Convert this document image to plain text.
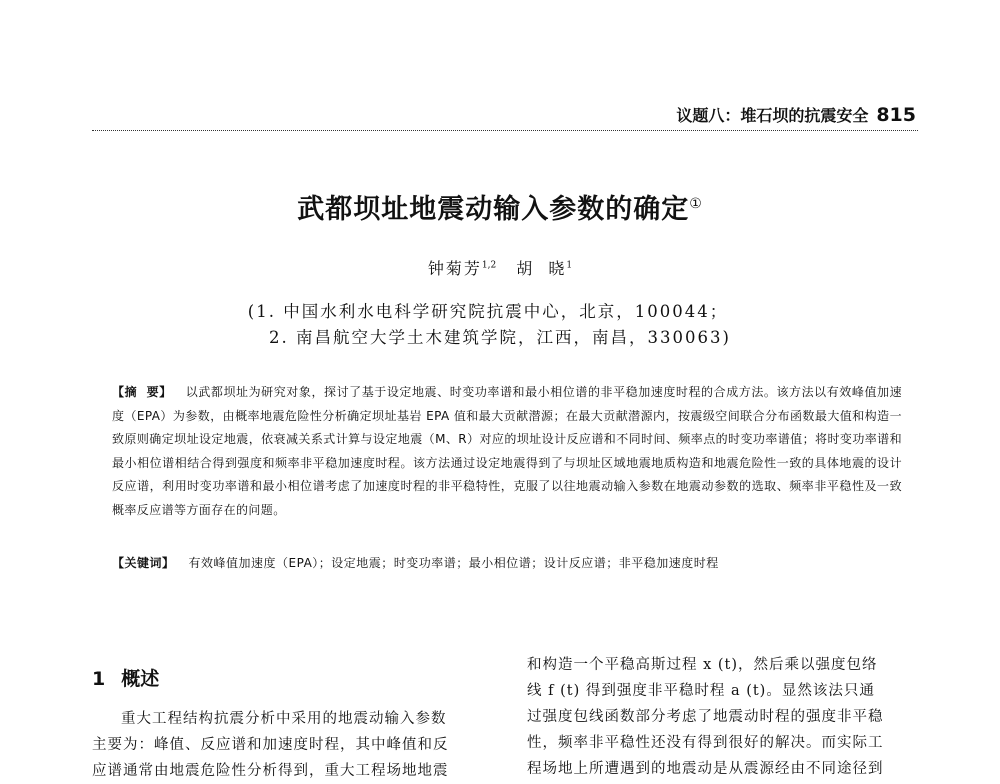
议题八：堆石坝的抗震安全 815
武都坝址地震动输入参数的确定①
钟菊芳$^{1,2}$ 胡  晓$^1$
(1. 中国水利水电科学研究院抗震中心，北京，100044；
2. 南昌航空大学土木建筑学院，江西，南昌，330063)

【摘  要】 以武都坝址为研究对象，探讨了基于设定地震、时变功率谱和最小相位谱的非平稳加速度时程的合成方法。该方法以有效峰值加速度（EPA）为参数，由概率地震危险性分析确定坝址基岩 EPA 值和最大贡献潜源；在最大贡献潜源内，按震级空间联合分布函数最大值和构造一致原则确定坝址设定地震，依衰减关系式计算与设定地震（M、R）对应的坝址设计反应谱和不同时间、频率点的时变功率谱值；将时变功率谱和最小相位谱相结合得到强度和频率非平稳加速度时程。该方法通过设定地震得到了与坝址区域地震地质构造和地震危险性一致的具体地震的设计反应谱，利用时变功率谱和最小相位谱考虑了加速度时程的非平稳特性，克服了以往地震动输入参数在地震动参数的选取、频率非平稳性及一致概率反应谱等方面存在的问题。

【关键词】 有效峰值加速度（EPA）；设定地震；时变功率谱；最小相位谱；设计反应谱；非平稳加速度时程
1 概述

重大工程结构抗震分析中采用的地震动输入参数

主要为：峰值、反应谱和加速度时程，其中峰值和反

应谱通常由地震危险性分析得到，重大工程场地地震

和构造一个平稳高斯过程 x (t)，然后乘以强度包络

线 f (t) 得到强度非平稳时程 a (t)。显然该法只通

过强度包线函数部分考虑了地震动时程的强度非平稳

性，频率非平稳性还没有得到很好的解决。而实际工

程场地上所遭遇到的地震动是从震源经由不同途径到
